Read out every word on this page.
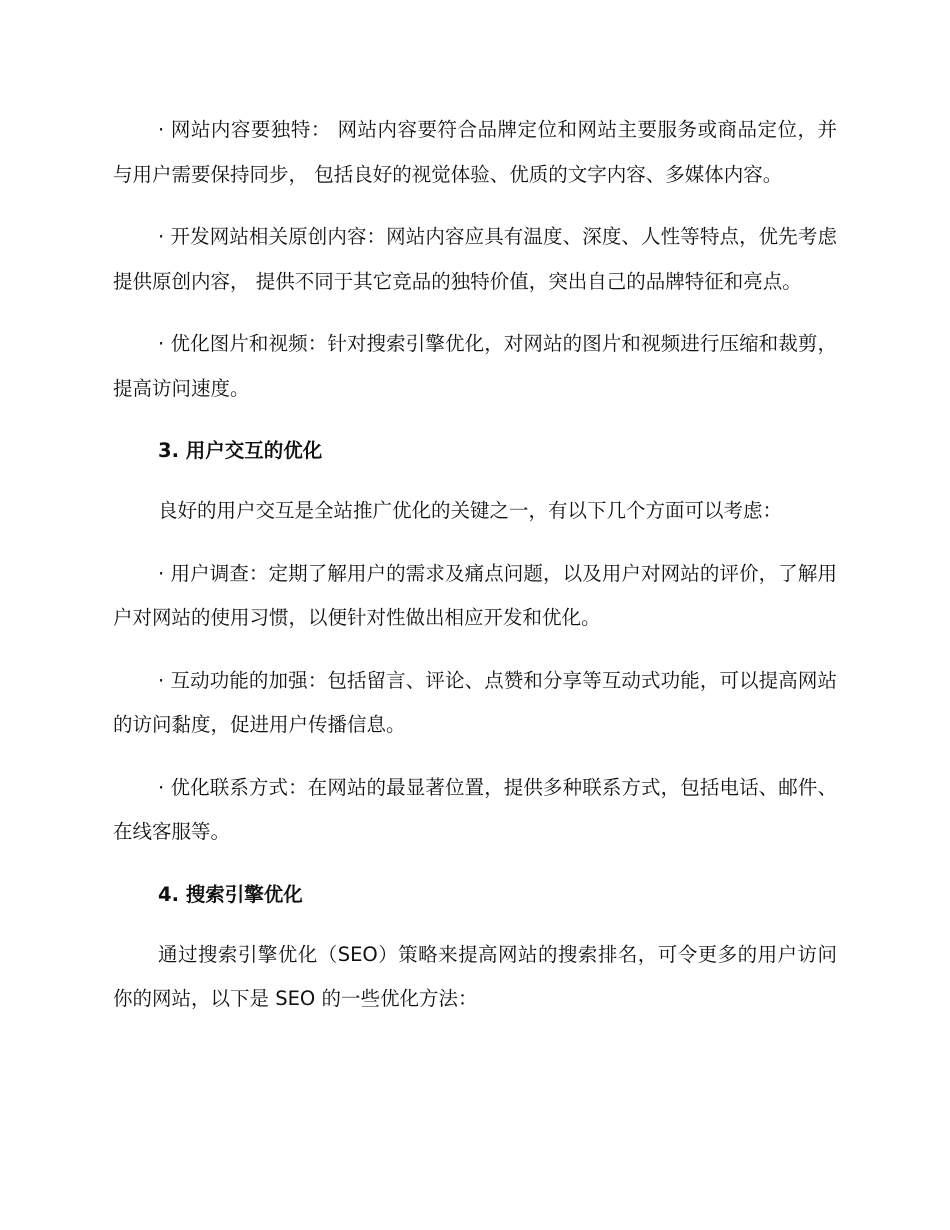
· 网站内容要独特： 网站内容要符合品牌定位和网站主要服务或商品定位，并与用户需要保持同步， 包括良好的视觉体验、优质的文字内容、多媒体内容。

· 开发网站相关原创内容：网站内容应具有温度、深度、人性等特点，优先考虑提供原创内容， 提供不同于其它竞品的独特价值，突出自己的品牌特征和亮点。

· 优化图片和视频：针对搜索引擎优化，对网站的图片和视频进行压缩和裁剪，提高访问速度。

3. 用户交互的优化

良好的用户交互是全站推广优化的关键之一，有以下几个方面可以考虑：

· 用户调查：定期了解用户的需求及痛点问题，以及用户对网站的评价，了解用户对网站的使用习惯，以便针对性做出相应开发和优化。

· 互动功能的加强：包括留言、评论、点赞和分享等互动式功能，可以提高网站的访问黏度，促进用户传播信息。

· 优化联系方式：在网站的最显著位置，提供多种联系方式，包括电话、邮件、在线客服等。

4. 搜索引擎优化

通过搜索引擎优化（SEO）策略来提高网站的搜索排名，可令更多的用户访问你的网站，以下是 SEO 的一些优化方法：
